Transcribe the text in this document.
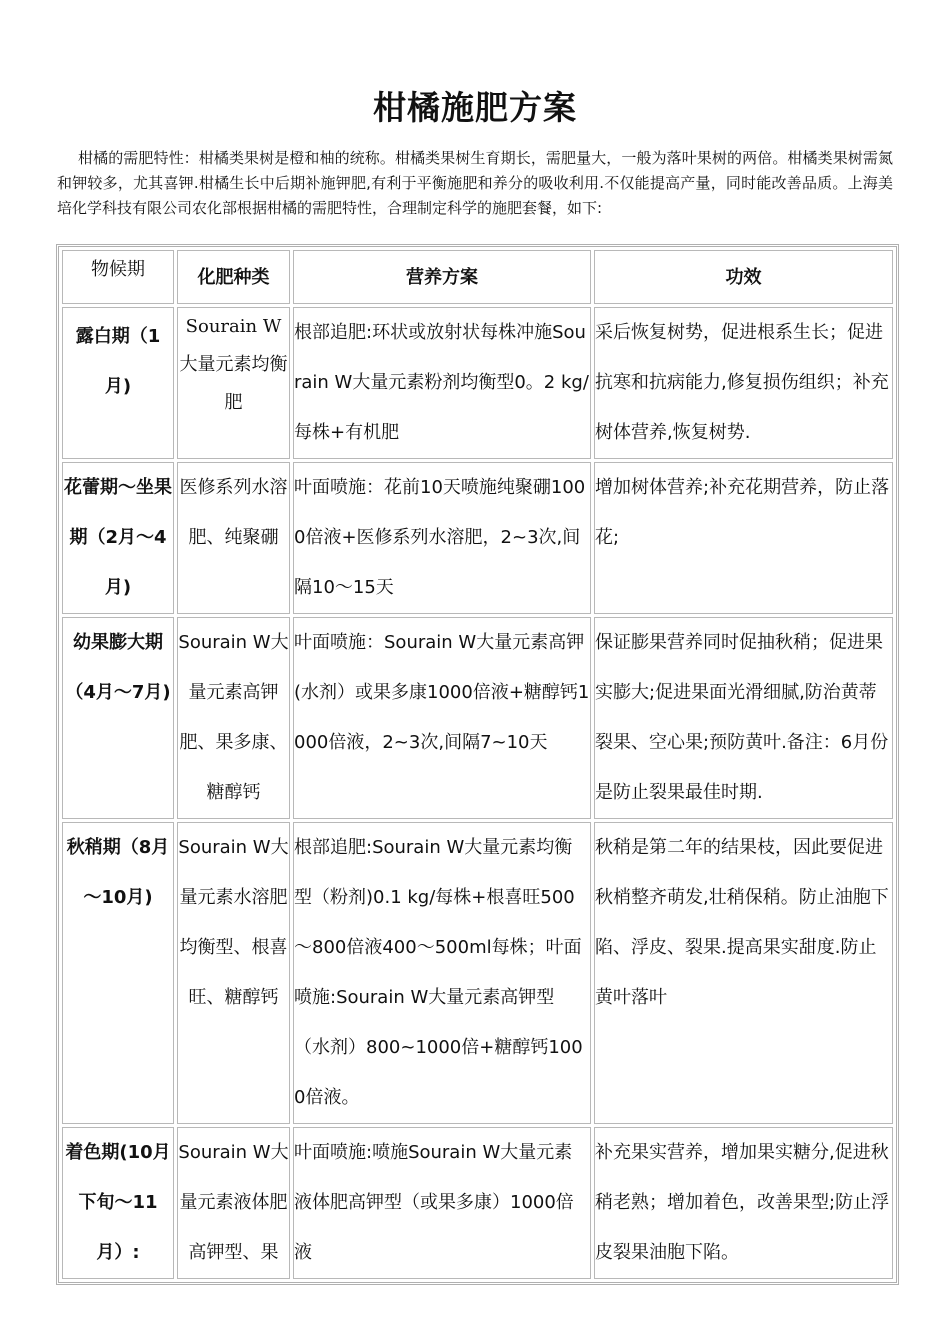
柑橘施肥方案
柑橘的需肥特性：柑橘类果树是橙和柚的统称。柑橘类果树生育期长，需肥量大，一般为落叶果树的两倍。柑橘类果树需氮和钾较多，尤其喜钾.柑橘生长中后期补施钾肥,有利于平衡施肥和养分的吸收利用.不仅能提高产量，同时能改善品质。上海美培化学科技有限公司农化部根据柑橘的需肥特性，合理制定科学的施肥套餐，如下:
物候期	化肥种类	营养方案	功效
露白期（1月)	Sourain W大量元素均衡肥	根部追肥:环状或放射状每株冲施Sourain W大量元素粉剂均衡型0。2 kg/每株+有机肥	采后恢复树势，促进根系生长；促进抗寒和抗病能力,修复损伤组织；补充树体营养,恢复树势.
花蕾期～坐果期（2月～4月)	医修系列水溶肥、纯聚硼	叶面喷施：花前10天喷施纯聚硼1000倍液+医修系列水溶肥，2~3次,间隔10～15天	增加树体营养;补充花期营养，防止落花;
幼果膨大期（4月～7月)	Sourain W大量元素高钾肥、果多康、糖醇钙	叶面喷施：Sourain W大量元素高钾(水剂）或果多康1000倍液+糖醇钙1000倍液，2~3次,间隔7~10天	保证膨果营养同时促抽秋稍；促进果实膨大;促进果面光滑细腻,防治黄蒂裂果、空心果;预防黄叶.备注：6月份是防止裂果最佳时期.
秋稍期（8月～10月)	Sourain W大量元素水溶肥均衡型、根喜旺、糖醇钙	根部追肥:Sourain W大量元素均衡型（粉剂)0.1 kg/每株+根喜旺500～800倍液400～500ml每株；叶面喷施:Sourain W大量元素高钾型（水剂）800~1000倍+糖醇钙1000倍液。	秋稍是第二年的结果枝，因此要促进秋梢整齐萌发,壮稍保稍。防止油胞下陷、浮皮、裂果.提高果实甜度.防止黄叶落叶
着色期(10月下旬～11月）:	Sourain W大量元素液体肥高钾型、果	叶面喷施:喷施Sourain W大量元素液体肥高钾型（或果多康）1000倍液	补充果实营养，增加果实糖分,促进秋稍老熟；增加着色，改善果型;防止浮皮裂果油胞下陷。
